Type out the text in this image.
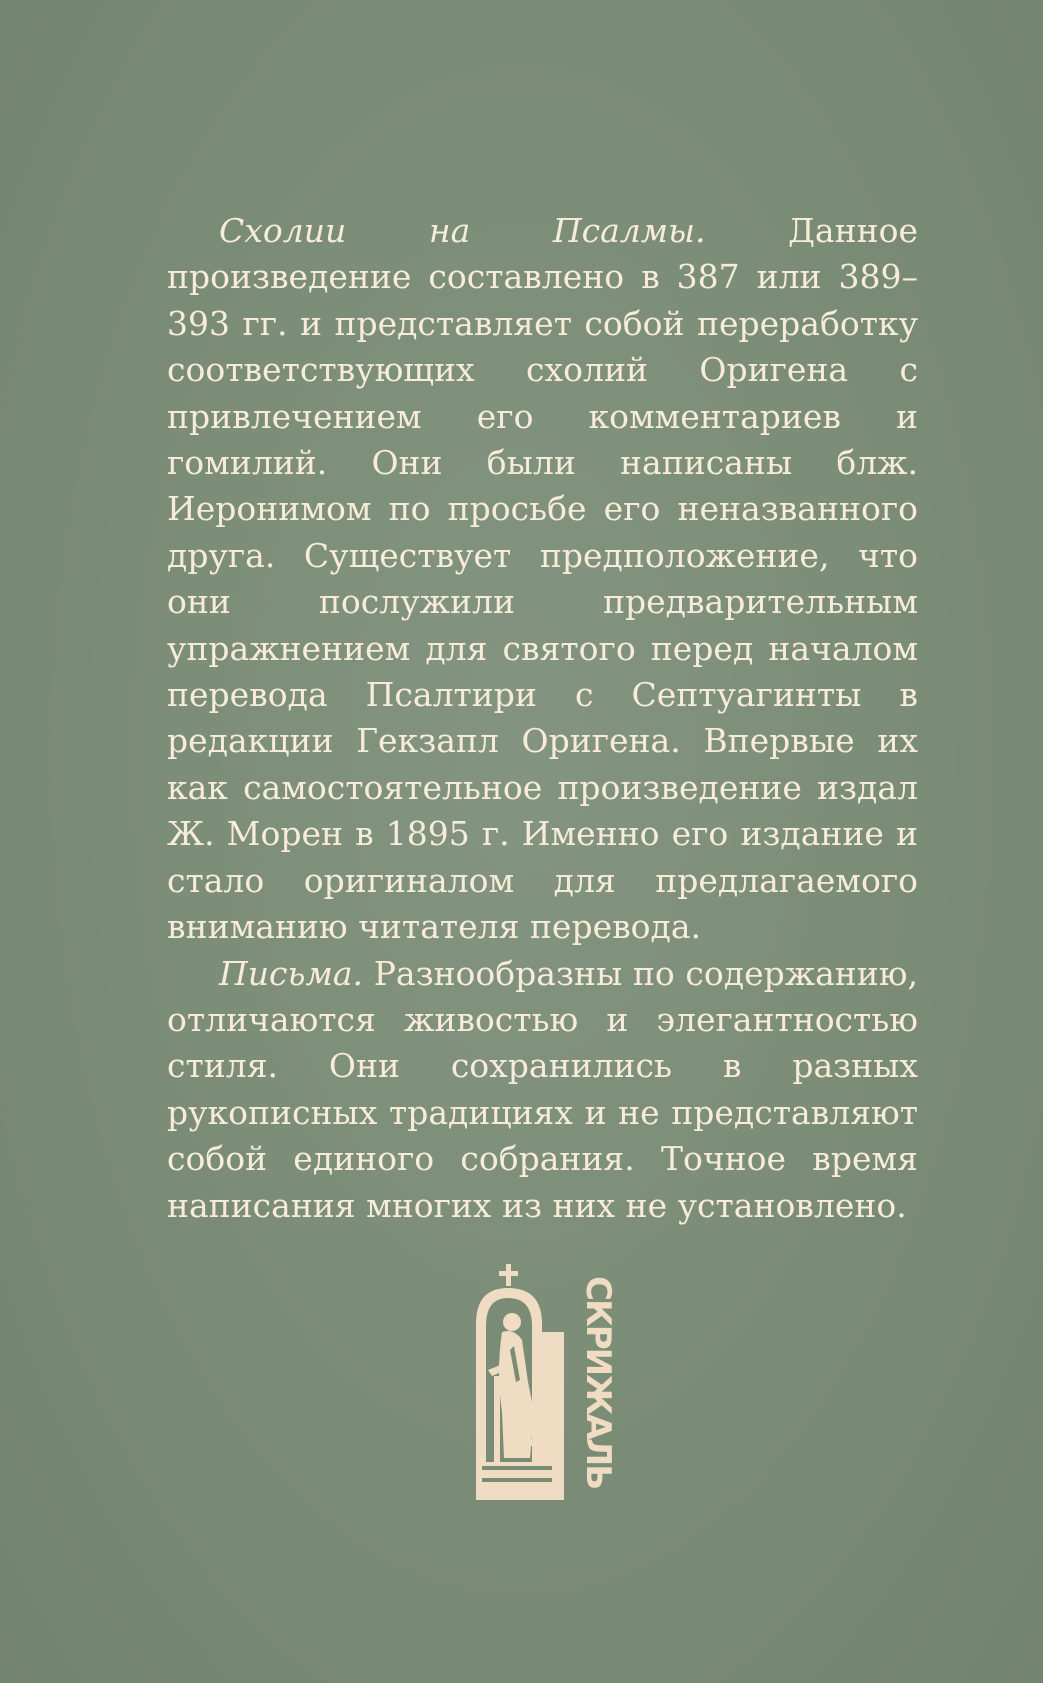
Схолии на Псалмы. Данное произведение составлено в 387 или 389–393 гг. и представляет собой переработку соответствующих схолий Оригена с привлечением его комментариев и гомилий. Они были написаны блж. Иеронимом по просьбе его неназванного друга. Существует предположение, что они послужили предварительным упражнением для святого перед началом перевода Псалтири с Септуагинты в редакции Гекзапл Оригена. Впервые их как самостоятельное произведение издал Ж. Морен в 1895 г. Именно его издание и стало оригиналом для предлагаемого вниманию читателя перевода.

Письма. Разнообразны по содержанию, отличаются живостью и элегантностью стиля. Они сохранились в разных рукописных традициях и не представляют собой единого собрания. Точное время написания многих из них не установлено.

СКРИЖАЛЬ
